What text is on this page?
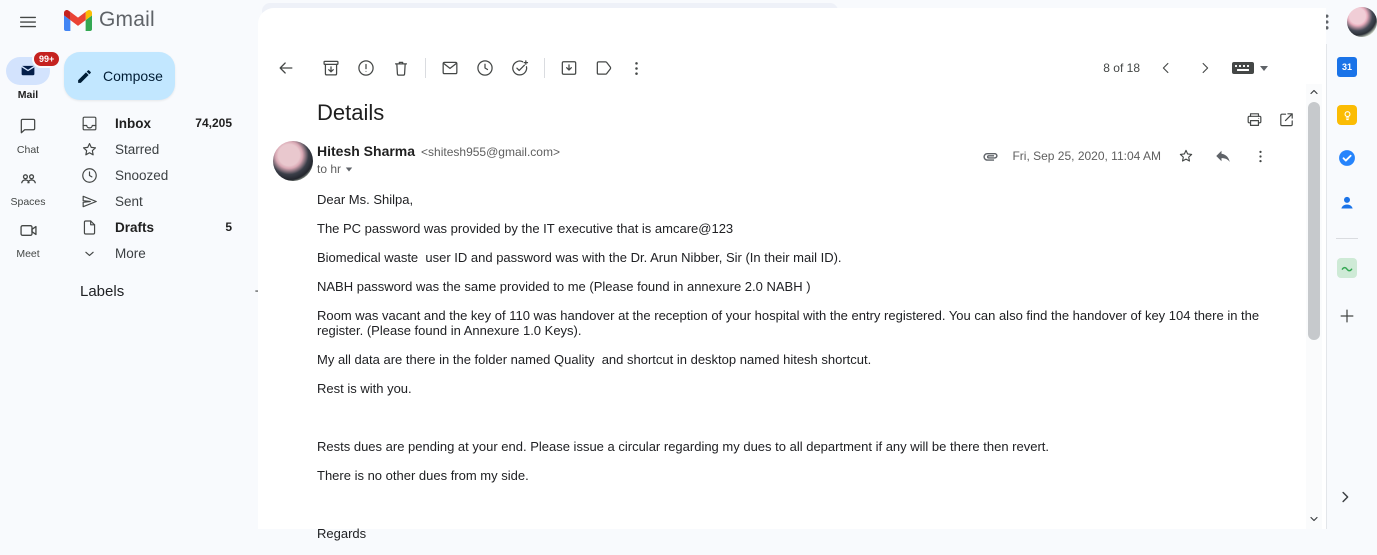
Gmail
hrd@amcarehospital.com
99+
Mail
Chat
Spaces
Meet
Compose
Inbox	74,205
Starred
Snoozed
Sent
Drafts	5
More
Labels
8 of 18
Details
Hitesh Sharma <shitesh955@gmail.com>
to hr
Fri, Sep 25, 2020, 11:04 AM

Dear Ms. Shilpa,

The PC password was provided by the IT executive that is amcare@123

Biomedical waste  user ID and password was with the Dr. Arun Nibber, Sir (In their mail ID).

NABH password was the same provided to me (Please found in annexure 2.0 NABH )

Room was vacant and the key of 110 was handover at the reception of your hospital with the entry registered. You can also find the handover of key 104 there in the register. (Please found in Annexure 1.0 Keys).

My all data are there in the folder named Quality  and shortcut in desktop named hitesh shortcut.

Rest is with you.

Rests dues are pending at your end. Please issue a circular regarding my dues to all department if any will be there then revert.

There is no other dues from my side.

Regards

31
